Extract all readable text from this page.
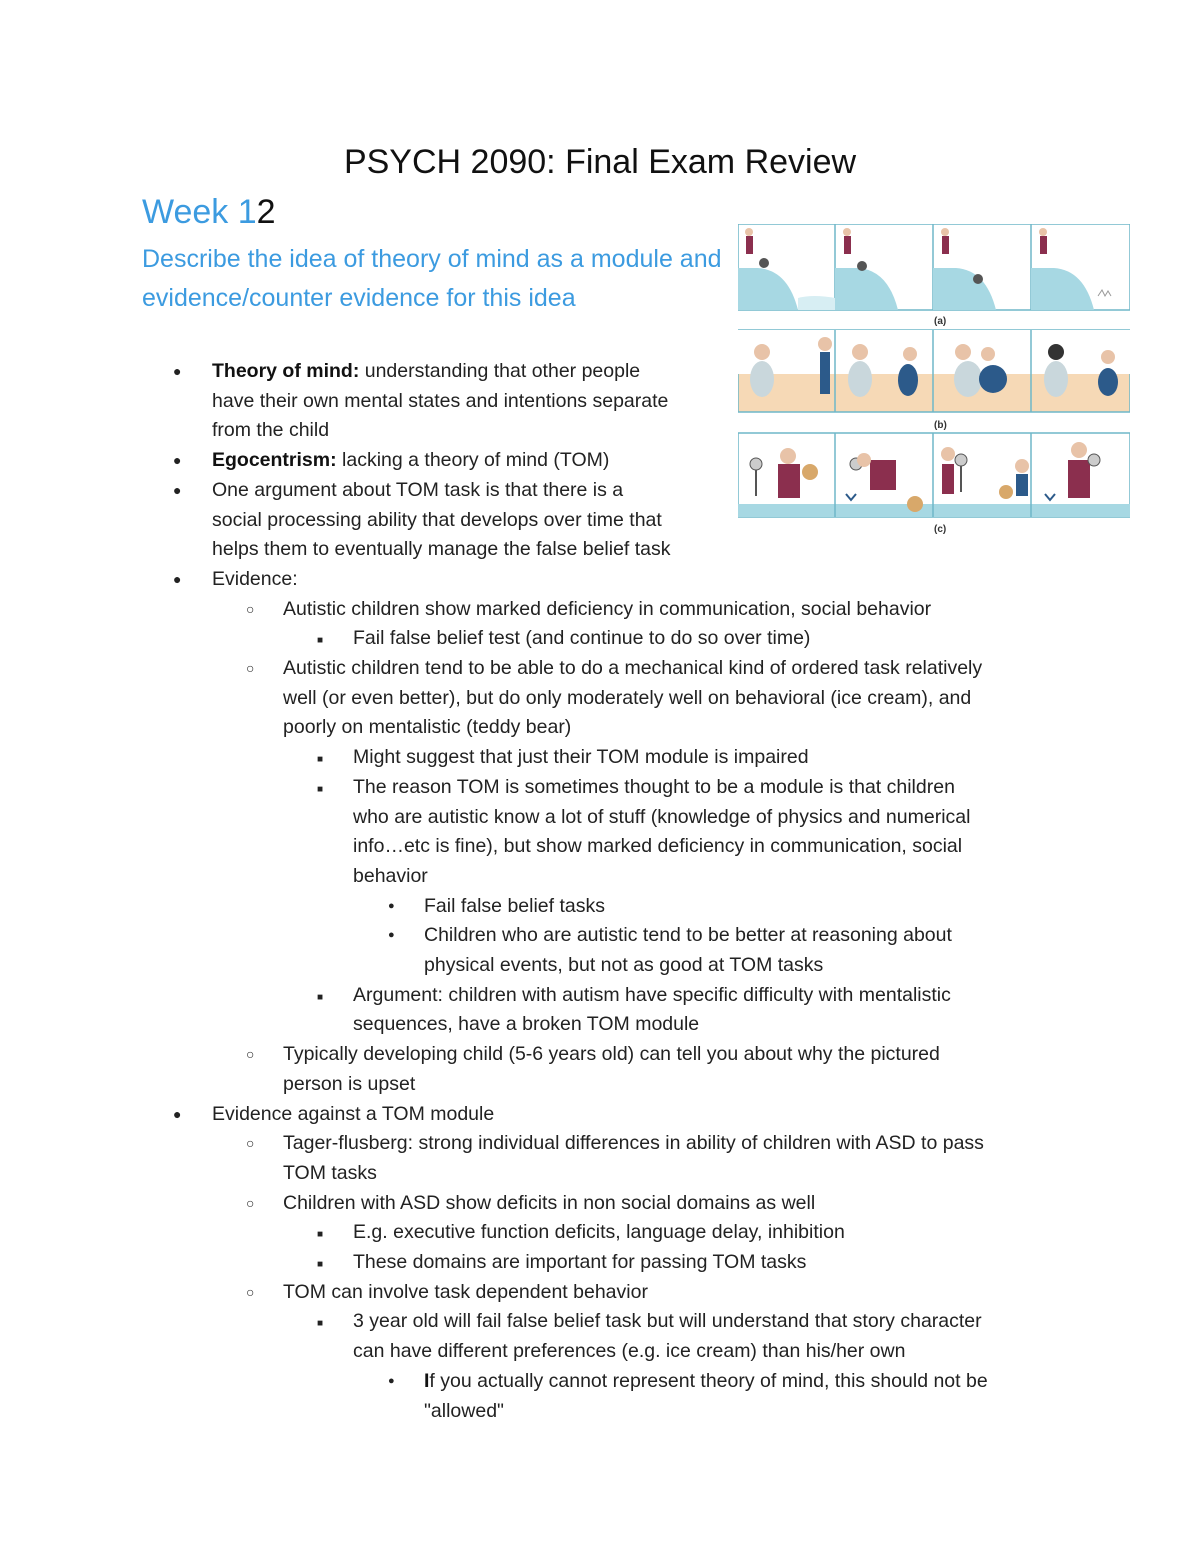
PSYCH 2090: Final Exam Review
Week 12
Describe the idea of theory of mind as a module and evidence/counter evidence for this idea
(a)
(b)
(c)
●
Theory of mind: understanding that other people
have their own mental states and intentions separate
from the child
●
Egocentrism: lacking a theory of mind (TOM)
●
One argument about TOM task is that there is a
social processing ability that develops over time that
helps them to eventually manage the false belief task
●
Evidence:
○
Autistic children show marked deficiency in communication, social behavior
■
Fail false belief test (and continue to do so over time)
○
Autistic children tend to be able to do a mechanical kind of ordered task relatively
well (or even better), but do only moderately well on behavioral (ice cream), and
poorly on mentalistic (teddy bear)
■
Might suggest that just their TOM module is impaired
■
The reason TOM is sometimes thought to be a module is that children
who are autistic know a lot of stuff (knowledge of physics and numerical
info…etc is fine), but show marked deficiency in communication, social
behavior
●
Fail false belief tasks
●
Children who are autistic tend to be better at reasoning about
physical events, but not as good at TOM tasks
■
Argument: children with autism have specific difficulty with mentalistic
sequences, have a broken TOM module
○
Typically developing child (5-6 years old) can tell you about why the pictured
person is upset
●
Evidence against a TOM module
○
Tager-flusberg: strong individual differences in ability of children with ASD to pass
TOM tasks
○
Children with ASD show deficits in non social domains as well
■
E.g. executive function deficits, language delay, inhibition
■
These domains are important for passing TOM tasks
○
TOM can involve task dependent behavior
■
3 year old will fail false belief task but will understand that story character
can have different preferences (e.g. ice cream) than his/her own
●
If you actually cannot represent theory of mind, this should not be
"allowed"
